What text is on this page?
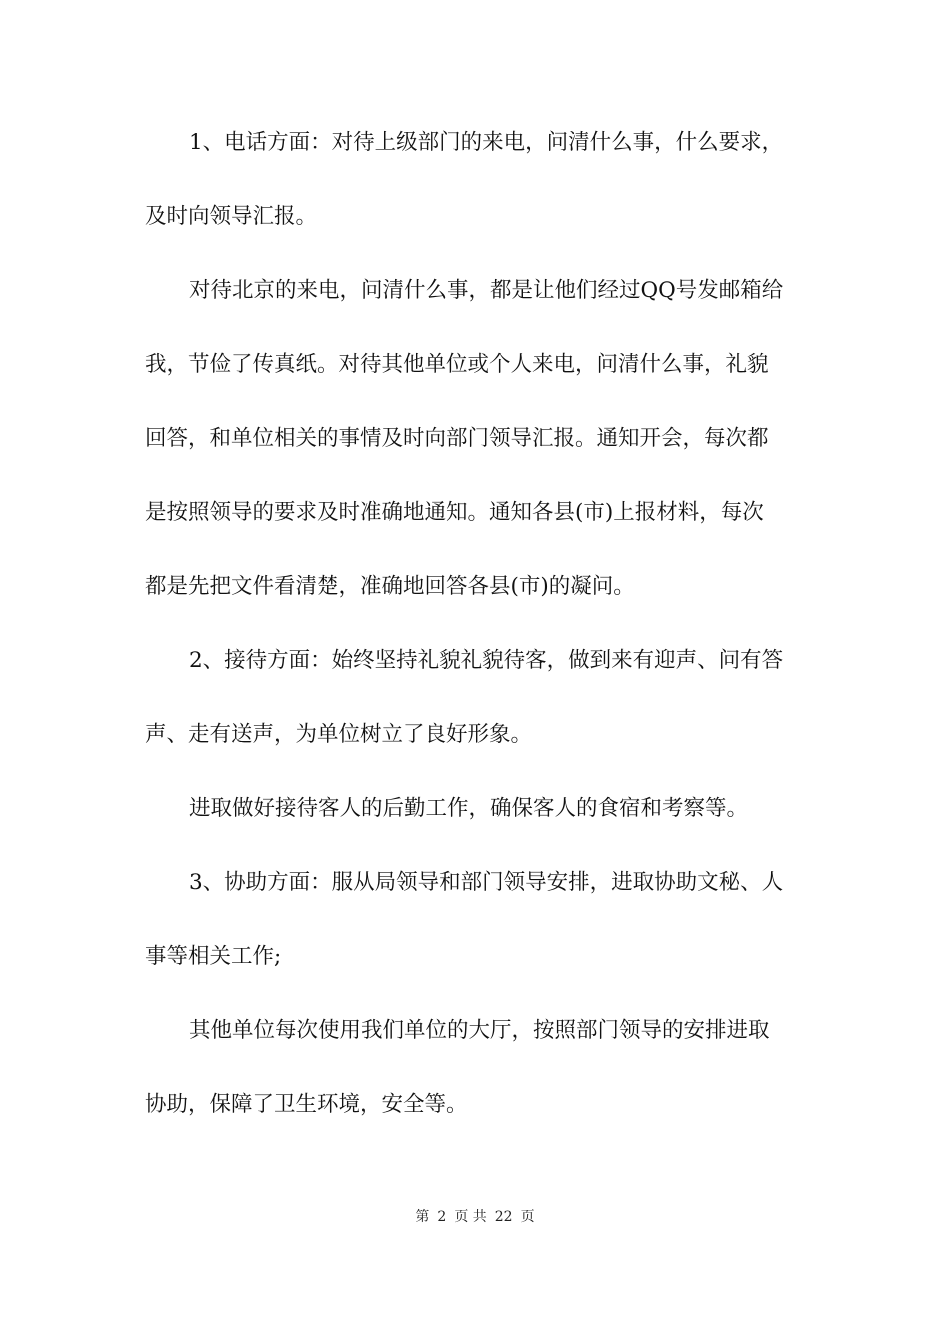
1、电话方面：对待上级部门的来电，问清什么事，什么要求，
及时向领导汇报。
对待北京的来电，问清什么事，都是让他们经过QQ号发邮箱给
我，节俭了传真纸。对待其他单位或个人来电，问清什么事，礼貌
回答，和单位相关的事情及时向部门领导汇报。通知开会，每次都
是按照领导的要求及时准确地通知。通知各县(市)上报材料，每次
都是先把文件看清楚，准确地回答各县(市)的凝问。
2、接待方面：始终坚持礼貌礼貌待客，做到来有迎声、问有答
声、走有送声，为单位树立了良好形象。
进取做好接待客人的后勤工作，确保客人的食宿和考察等。
3、协助方面：服从局领导和部门领导安排，进取协助文秘、人
事等相关工作;
其他单位每次使用我们单位的大厅，按照部门领导的安排进取
协助，保障了卫生环境，安全等。
第 2 页 共 22 页
